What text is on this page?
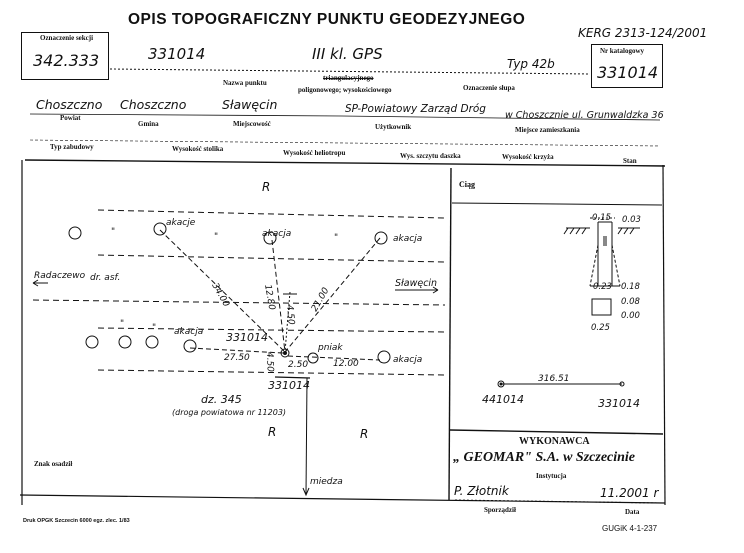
OPIS TOPOGRAFICZNY PUNKTU GEODEZYJNEGO
KERG 2313-124/2001
Oznaczenie sekcji
342.333	Nr katalogowy
331014
331014	III kl. GPS
Typ 42b
Nazwa punktu
triangulacyjnego
poligonowego; wysokościowego	Oznaczenie słupa
Choszczno
Powiat
Choszczno
Gmina
Sławęcin
Miejscowość
SP-Powiatowy Zarząd Dróg
Użytkownik
w Choszcznie ul. Grunwaldzka 36
Miejsce zamieszkania
Typ zabudowy	Wysokość stolika	Wysokość heliotropu	Wys. szczytu daszka	Wysokość krzyża	Stan
R
Radaczewo dr. asf.	Sławęcin
akacje
akacja	akacja
akacja
pniak
akacja
"	"	"
"	"
34.00	12.80
4.50
21.00
27.50 4.50 2.50	12.00
331014
331014
dz. 345
(droga powiatowa nr 11203)
R	R
miedza
Ciąg
0.15 0.03
0.23 0.18
0.08
0.00
0.25
441014
316.51
331014
WYKONAWCA
„ GEOMAR" S.A. w Szczecinie
Instytucja
P. Złotnik	11.2001 r
Sporządził	Data
Znak osadził
Druk OPGK Szczecin 6000 egz. zlec. 1/83
GUGiK 4-1-237
